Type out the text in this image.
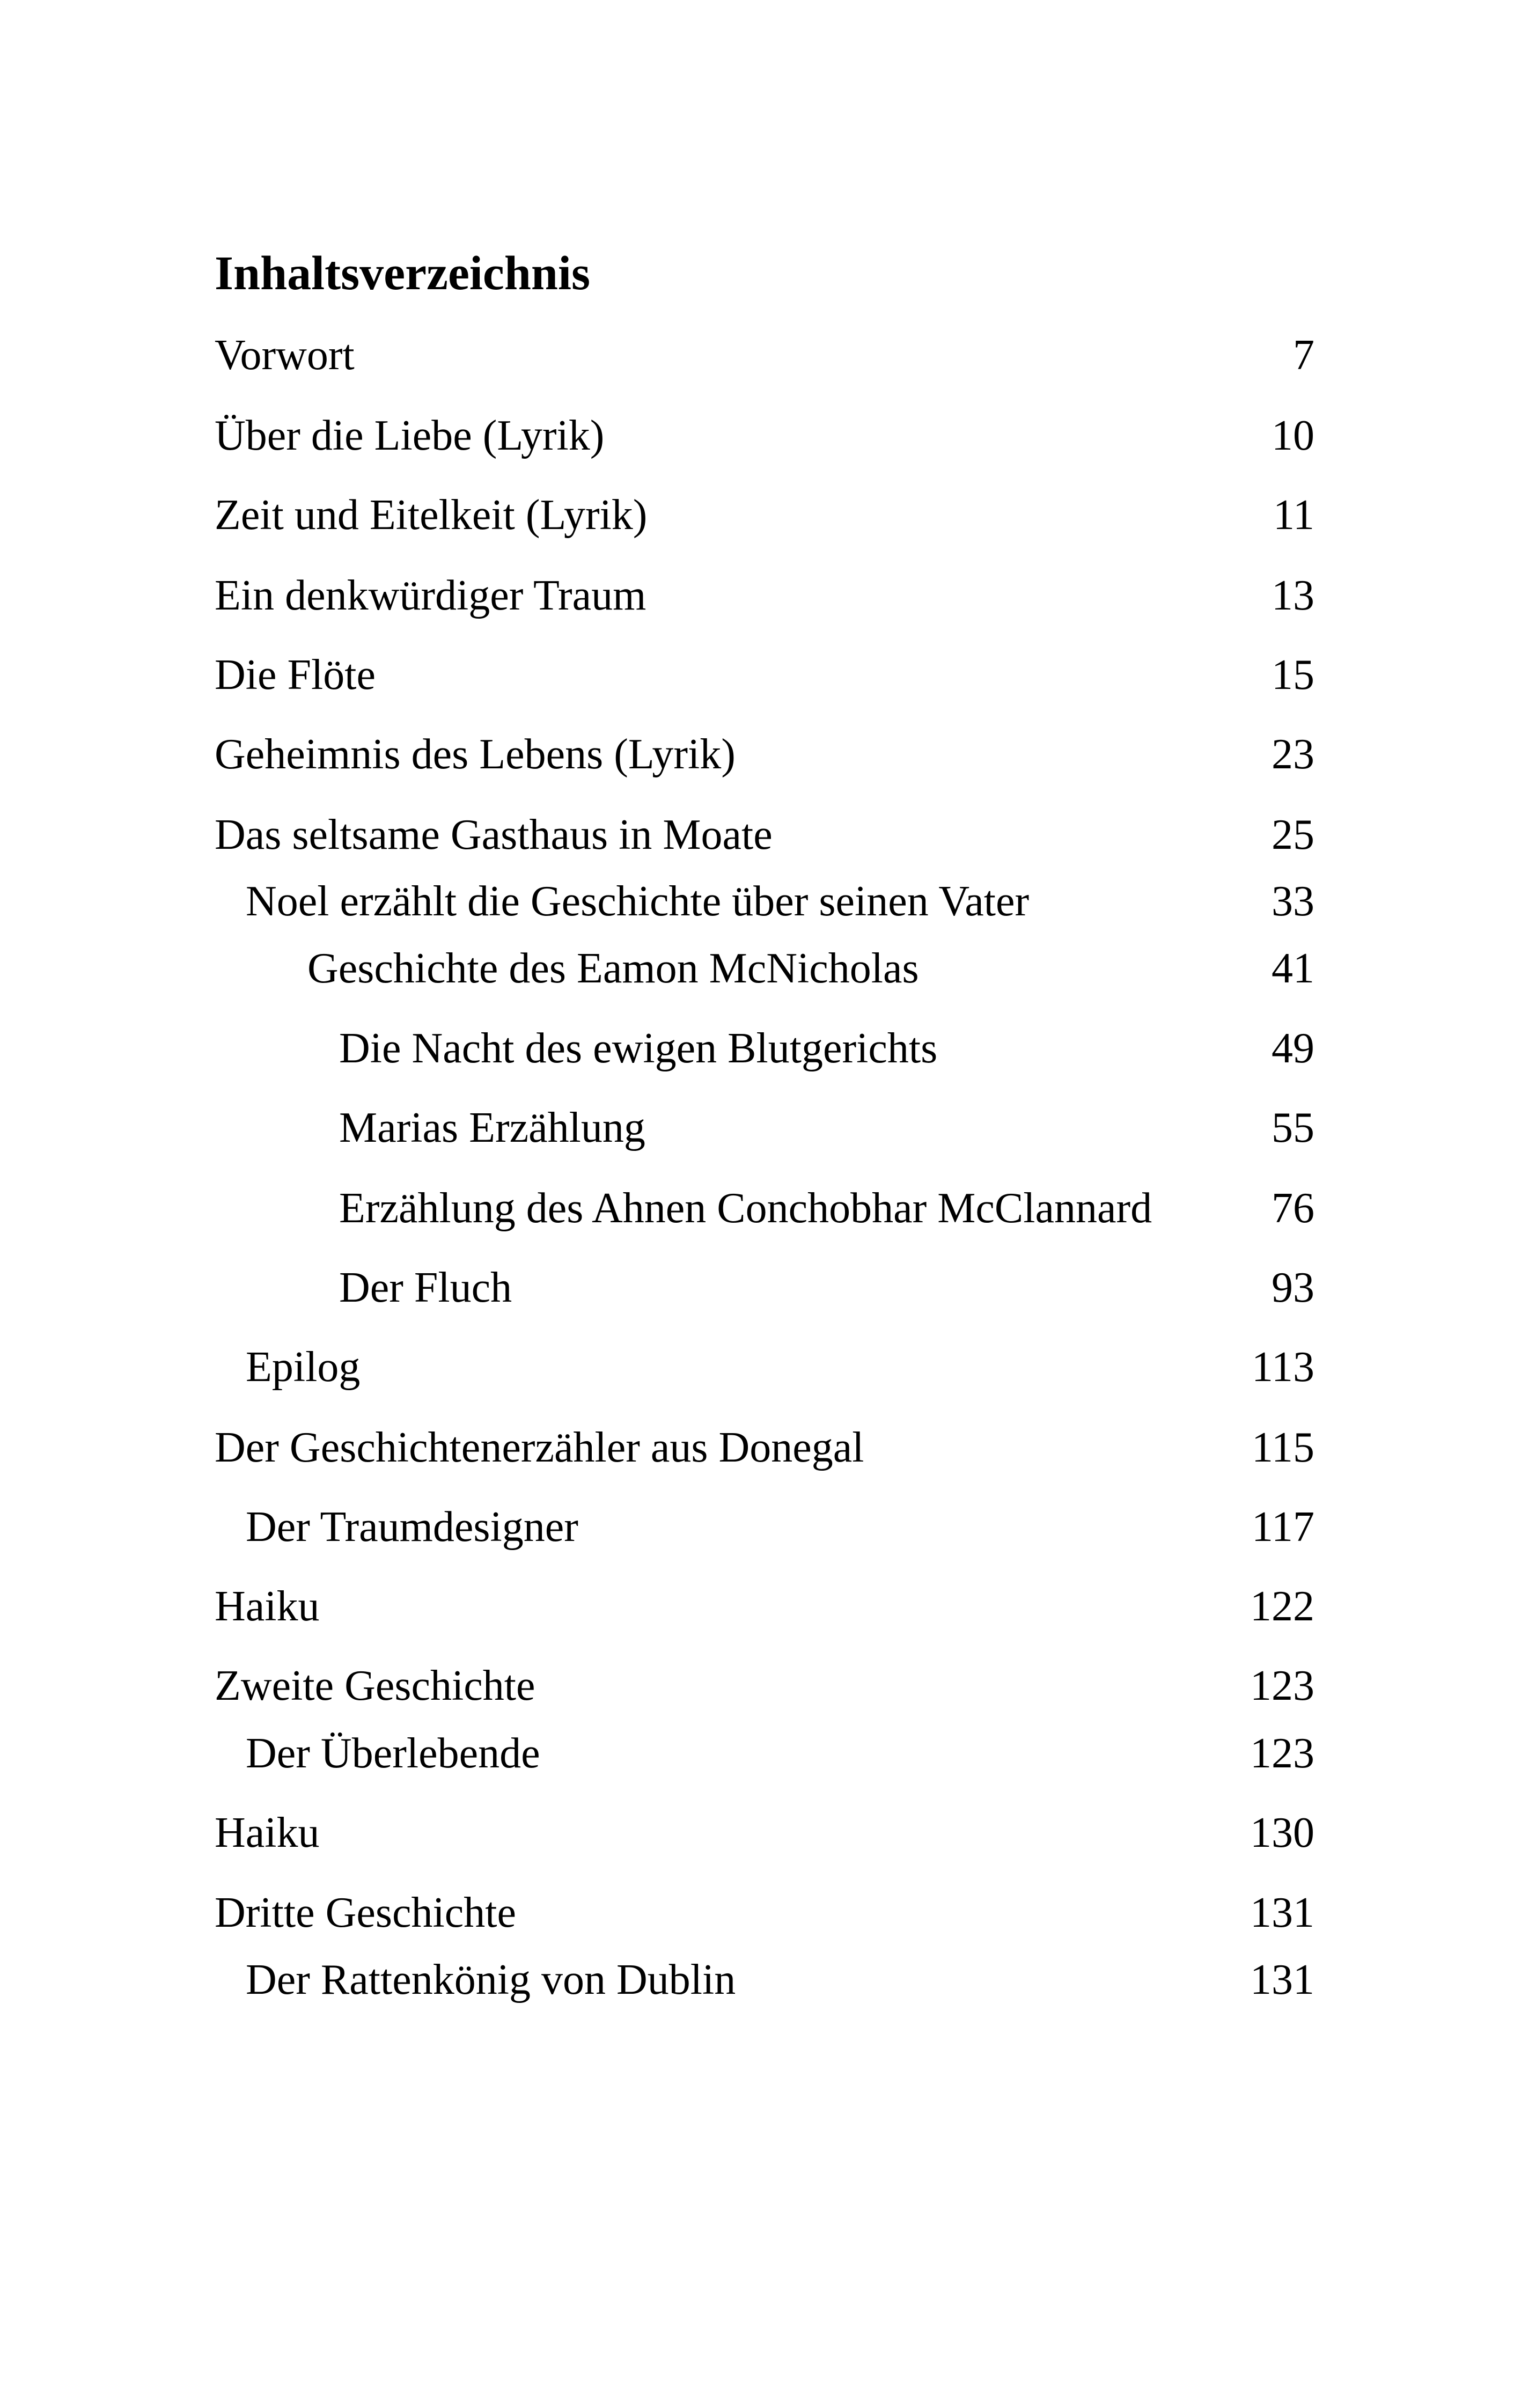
Inhaltsverzeichnis
Vorwort	7
Über die Liebe (Lyrik)	10
Zeit und Eitelkeit (Lyrik)	11
Ein denkwürdiger Traum	13
Die Flöte	15
Geheimnis des Lebens (Lyrik)	23
Das seltsame Gasthaus in Moate	25
Noel erzählt die Geschichte über seinen Vater	33
Geschichte des Eamon McNicholas	41
Die Nacht des ewigen Blutgerichts	49
Marias Erzählung	55
Erzählung des Ahnen Conchobhar McClannard	76
Der Fluch	93
Epilog	113
Der Geschichtenerzähler aus Donegal	115
Der Traumdesigner	117
Haiku	122
Zweite Geschichte	123
Der Überlebende	123
Haiku	130
Dritte Geschichte	131
Der Rattenkönig von Dublin	131
